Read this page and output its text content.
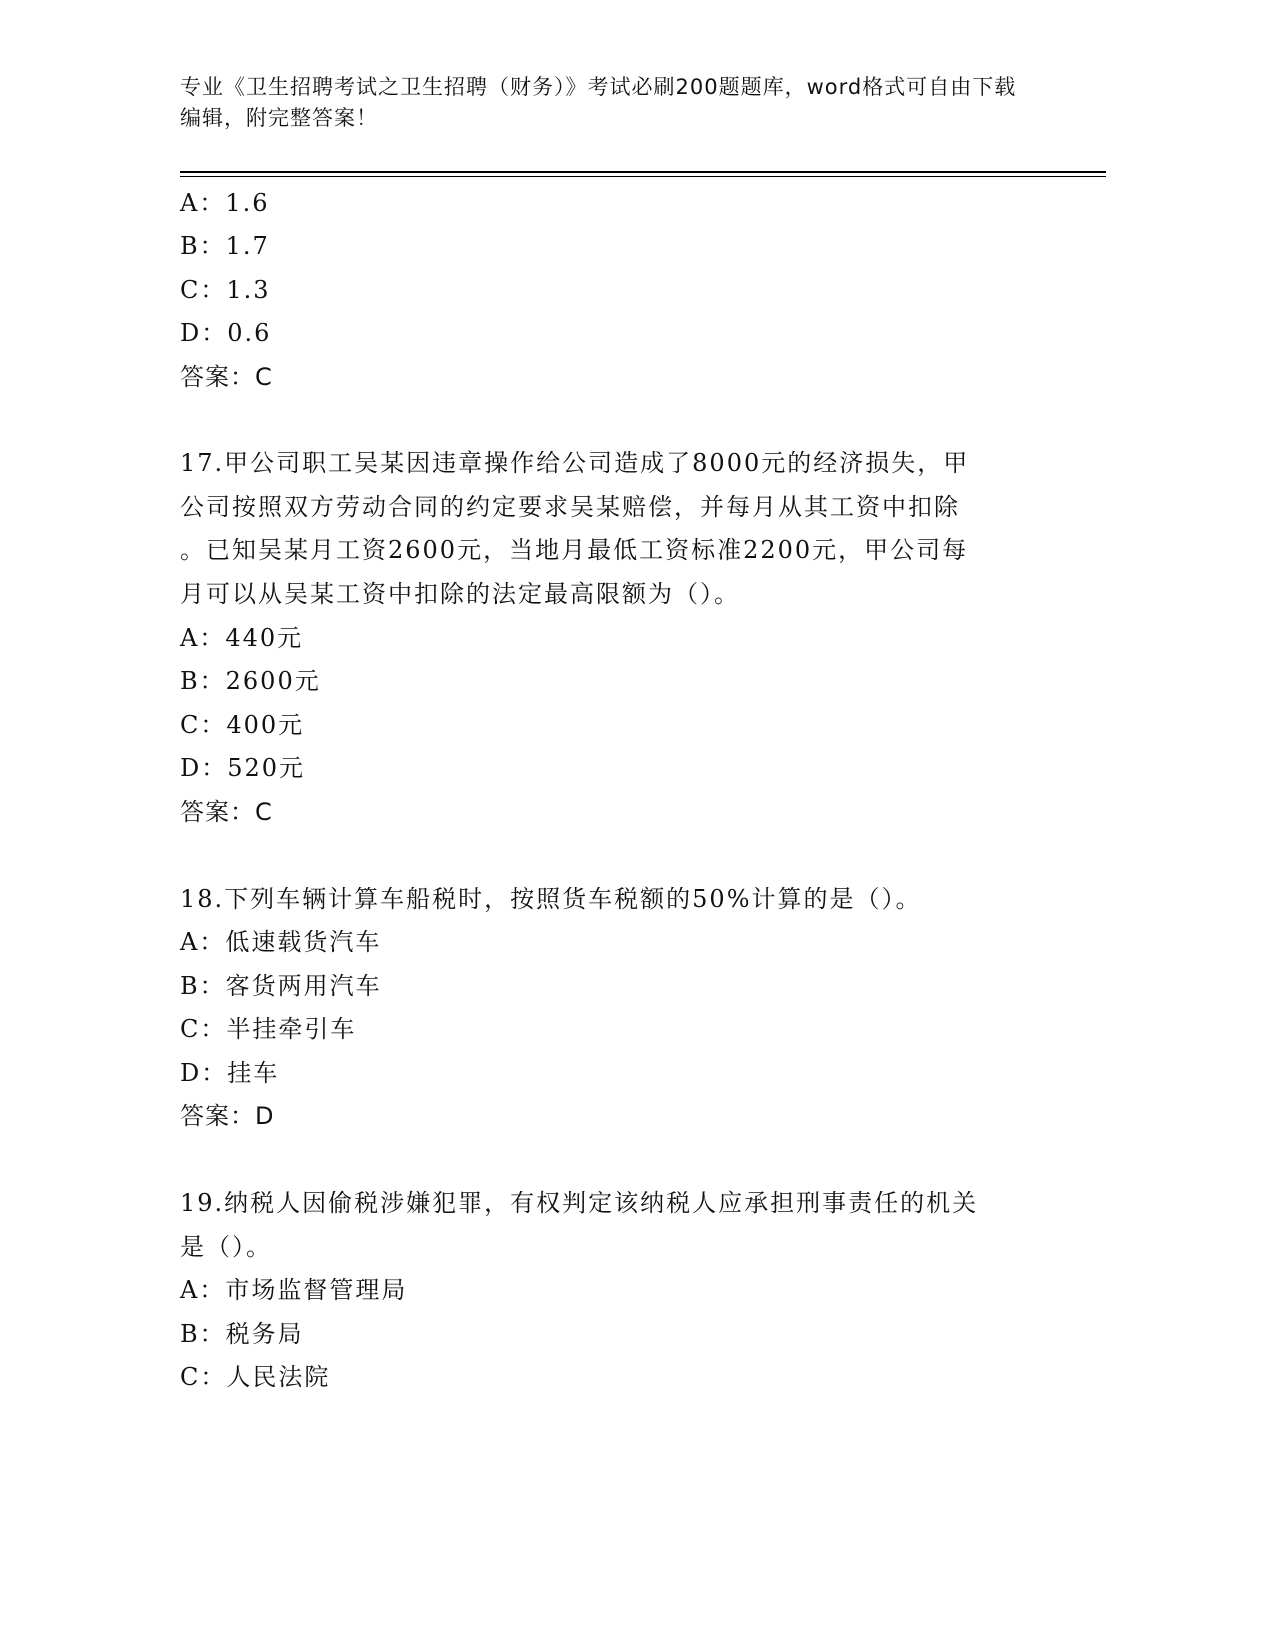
专业《卫生招聘考试之卫生招聘（财务）》考试必刷200题题库，word格式可自由下载编辑，附完整答案！
A：1.6
B：1.7
C：1.3
D：0.6
答案：C
17.甲公司职工吴某因违章操作给公司造成了8000元的经济损失，甲
公司按照双方劳动合同的约定要求吴某赔偿，并每月从其工资中扣除
。已知吴某月工资2600元，当地月最低工资标准2200元，甲公司每
月可以从吴某工资中扣除的法定最高限额为（）。
A：440元
B：2600元
C：400元
D：520元
答案：C
18.下列车辆计算车船税时，按照货车税额的50%计算的是（）。
A：低速载货汽车
B：客货两用汽车
C：半挂牵引车
D：挂车
答案：D
19.纳税人因偷税涉嫌犯罪，有权判定该纳税人应承担刑事责任的机关
是（）。
A：市场监督管理局
B：税务局
C：人民法院
